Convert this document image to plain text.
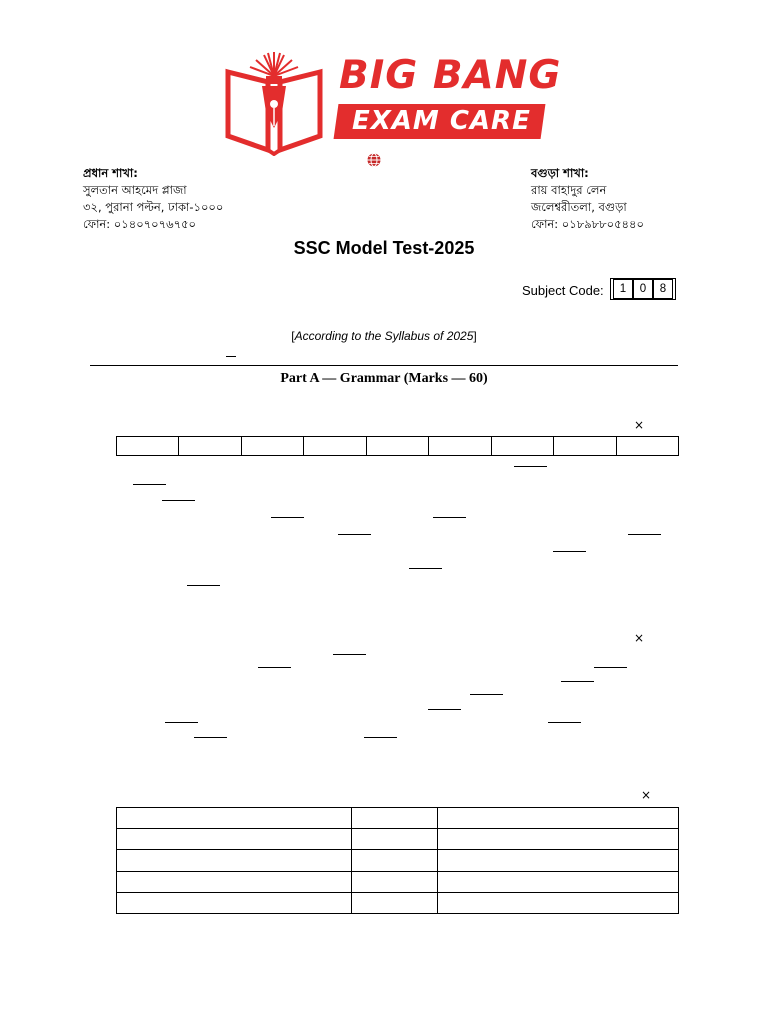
BIG BANG
EXAM CARE
প্রধান শাখা:
সুলতান আহমেদ প্লাজা
৩২, পুরানা পল্টন, ঢাকা-১০০০
ফোন: ০১৪০৭০৭৬৭৫০
বগুড়া শাখা:
রায় বাহাদুর লেন
জলেশ্বরীতলা, বগুড়া
ফোন: ০১৮৯৮৮০৫৪৪০
SSC Model Test-2025
Subject Code:	1	0	8
[According to the Syllabus of 2025]
Part A — Grammar (Marks — 60)
×

×
×
